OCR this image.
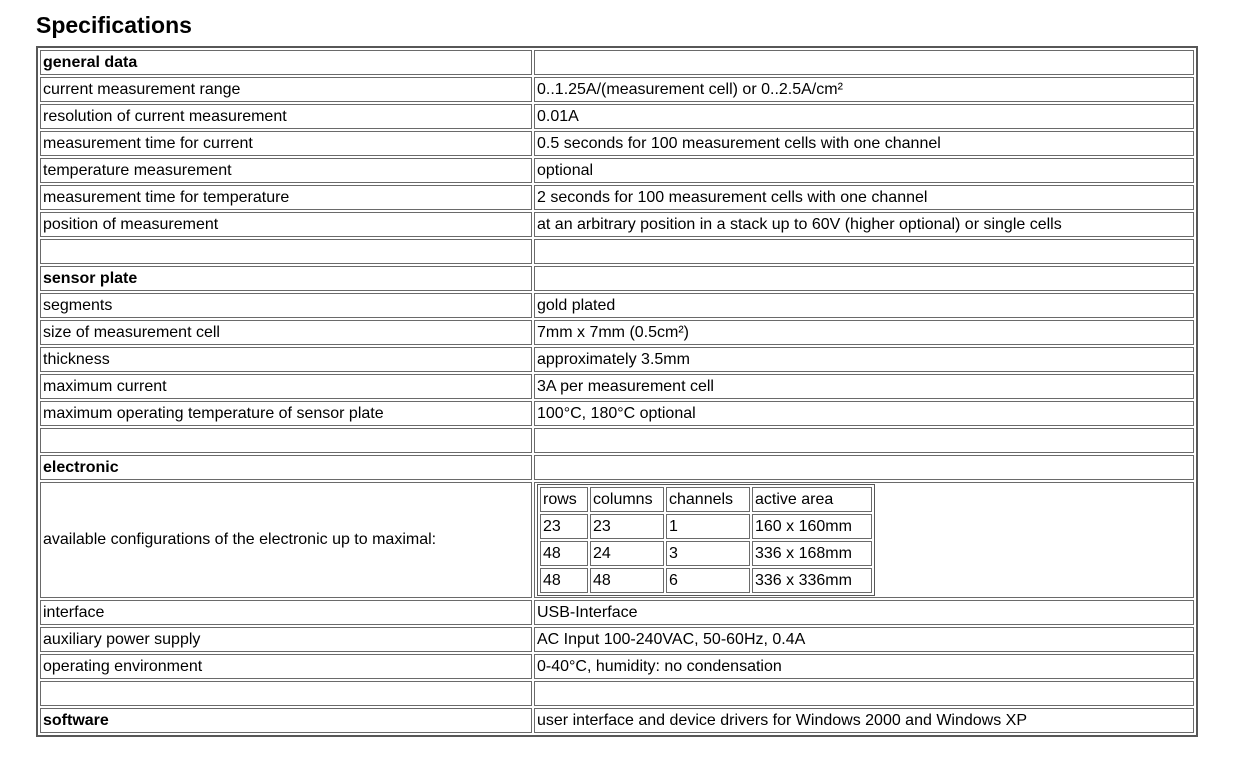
Specifications
general data	
current measurement range	0..1.25A/(measurement cell) or 0..2.5A/cm²
resolution of current measurement	0.01A
measurement time for current	0.5 seconds for 100 measurement cells with one channel
temperature measurement	optional
measurement time for temperature	2 seconds for 100 measurement cells with one channel
position of measurement	at an arbitrary position in a stack up to 60V (higher optional) or single cells

sensor plate	
segments	gold plated
size of measurement cell	7mm x 7mm (0.5cm²)
thickness	approximately 3.5mm
maximum current	3A per measurement cell
maximum operating temperature of sensor plate	100°C, 180°C optional

electronic	
available configurations of the electronic up to maximal:	
rows	columns	channels	active area
23	23	1	160 x 160mm
48	24	3	336 x 168mm
48	48	6	336 x 336mm

interface	USB-Interface
auxiliary power supply	AC Input 100-240VAC, 50-60Hz, 0.4A
operating environment	0-40°C, humidity: no condensation

software	user interface and device drivers for Windows 2000 and Windows XP
